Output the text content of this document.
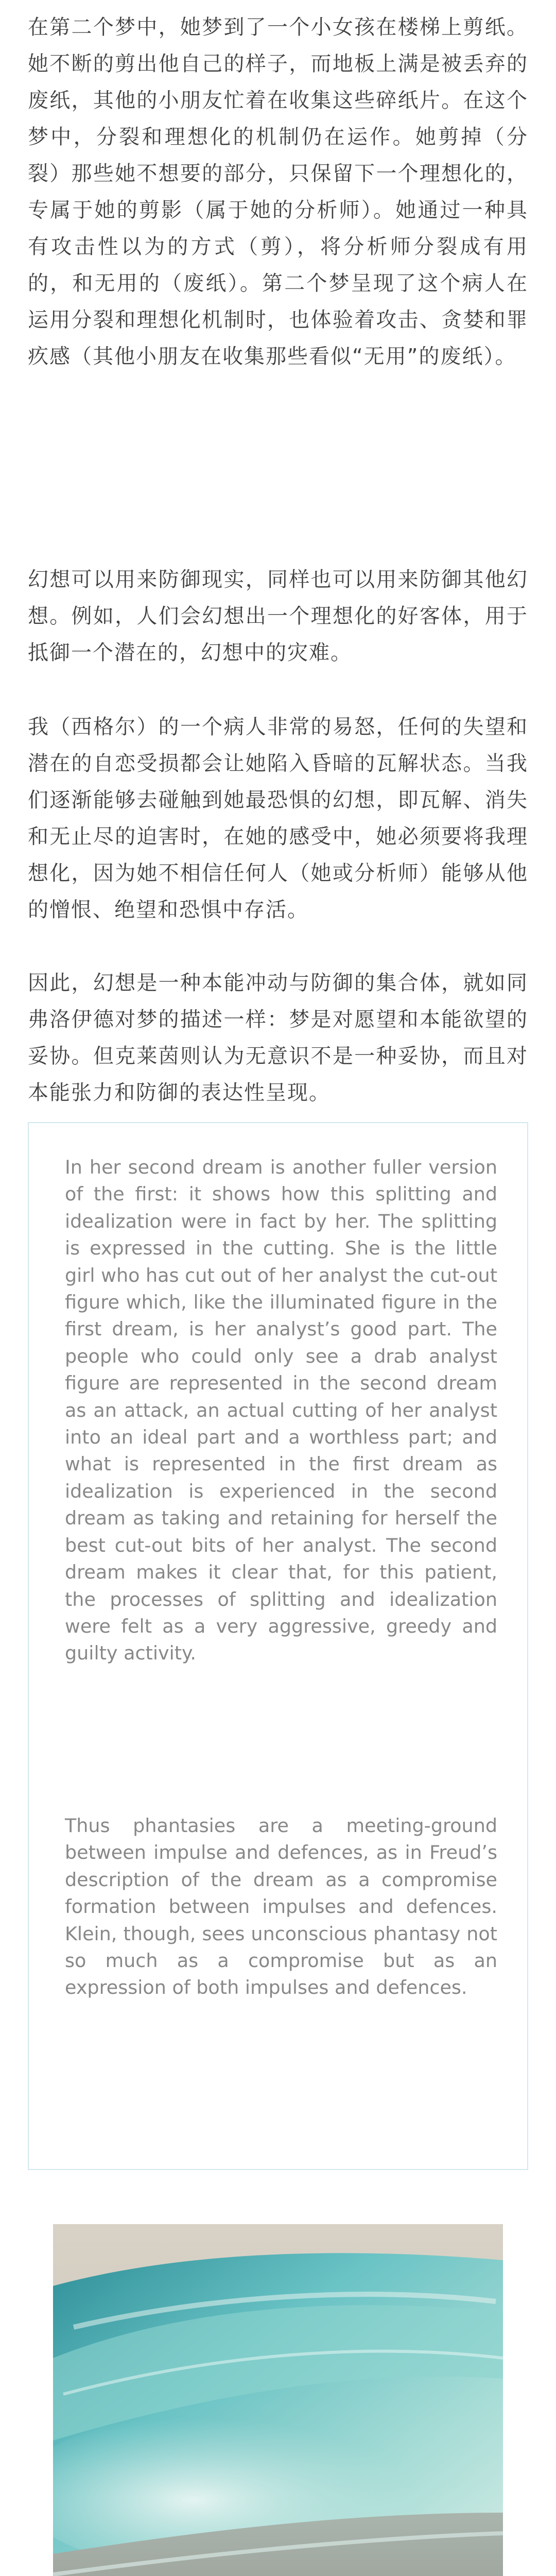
在第二个梦中，她梦到了一个小女孩在楼梯上剪纸。她不断的剪出他自己的样子，而地板上满是被丢弃的废纸，其他的小朋友忙着在收集这些碎纸片。在这个梦中，分裂和理想化的机制仍在运作。她剪掉（分裂）那些她不想要的部分，只保留下一个理想化的，专属于她的剪影（属于她的分析师）。她通过一种具有攻击性以为的方式（剪），将分析师分裂成有用的，和无用的（废纸）。第二个梦呈现了这个病人在运用分裂和理想化机制时，也体验着攻击、贪婪和罪疚感（其他小朋友在收集那些看似“无用”的废纸）。

幻想可以用来防御现实，同样也可以用来防御其他幻想。例如，人们会幻想出一个理想化的好客体，用于抵御一个潜在的，幻想中的灾难。

我（西格尔）的一个病人非常的易怒，任何的失望和潜在的自恋受损都会让她陷入昏暗的瓦解状态。当我们逐渐能够去碰触到她最恐惧的幻想，即瓦解、消失和无止尽的迫害时，在她的感受中，她必须要将我理想化，因为她不相信任何人（她或分析师）能够从他的憎恨、绝望和恐惧中存活。

因此，幻想是一种本能冲动与防御的集合体，就如同弗洛伊德对梦的描述一样：梦是对愿望和本能欲望的妥协。但克莱茵则认为无意识不是一种妥协，而且对本能张力和防御的表达性呈现。

In her second dream is another fuller version of the first: it shows how this splitting and idealization were in fact by her. The splitting is expressed in the cutting. She is the little girl who has cut out of her analyst the cut-out figure which, like the illuminated figure in the first dream, is her analyst’s good part. The people who could only see a drab analyst figure are represented in the second dream as an attack, an actual cutting of her analyst into an ideal part and a worthless part; and what is represented in the first dream as idealization is experienced in the second dream as taking and retaining for herself the best cut-out bits of her analyst. The second dream makes it clear that, for this patient, the processes of splitting and idealization were felt as a very aggressive, greedy and guilty activity.

Thus phantasies are a meeting-ground between impulse and defences, as in Freud’s description of the dream as a compromise formation between impulses and defences. Klein, though, sees unconscious phantasy not so much as a compromise but as an expression of both impulses and defences.
